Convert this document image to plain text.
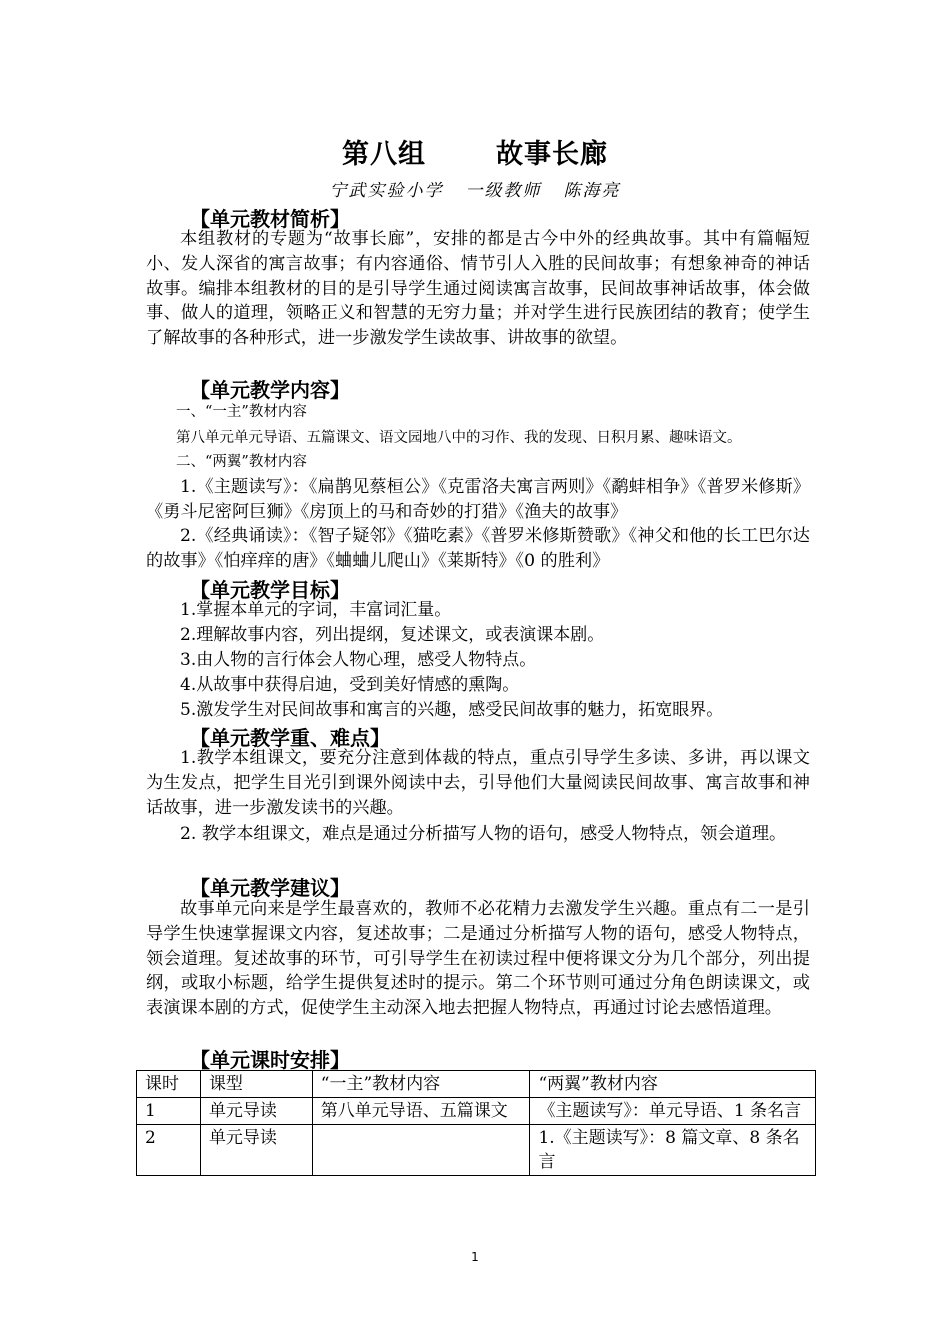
第八组	故事长廊
宁武实验小学 一级教师 陈海亮
【单元教材简析】

本组教材的专题为“故事长廊”，安排的都是古今中外的经典故事。其中有篇幅短小、发人深省的寓言故事；有内容通俗、情节引人入胜的民间故事；有想象神奇的神话故事。编排本组教材的目的是引导学生通过阅读寓言故事，民间故事神话故事，体会做事、做人的道理，领略正义和智慧的无穷力量；并对学生进行民族团结的教育；使学生了解故事的各种形式，进一步激发学生读故事、讲故事的欲望。

【单元教学内容】
一、“一主”教材内容
第八单元单元导语、五篇课文、语文园地八中的习作、我的发现、日积月累、趣味语文。
二、“两翼”教材内容

1.《主题读写》：《扁鹊见蔡桓公》《克雷洛夫寓言两则》《鹬蚌相争》《普罗米修斯》《勇斗尼密阿巨狮》《房顶上的马和奇妙的打猎》《渔夫的故事》

2.《经典诵读》：《智子疑邻》《猫吃素》《普罗米修斯赞歌》《神父和他的长工巴尔达的故事》《怕痒痒的唐》《蛐蛐儿爬山》《莱斯特》《0 的胜利》

【单元教学目标】
1.掌握本单元的字词，丰富词汇量。
2.理解故事内容，列出提纲，复述课文，或表演课本剧。
3.由人物的言行体会人物心理，感受人物特点。
4.从故事中获得启迪，受到美好情感的熏陶。
5.激发学生对民间故事和寓言的兴趣，感受民间故事的魅力，拓宽眼界。
【单元教学重、难点】

1.教学本组课文，要充分注意到体裁的特点，重点引导学生多读、多讲，再以课文为生发点，把学生目光引到课外阅读中去，引导他们大量阅读民间故事、寓言故事和神话故事，进一步激发读书的兴趣。

2. 教学本组课文，难点是通过分析描写人物的语句，感受人物特点，领会道理。

【单元教学建议】

故事单元向来是学生最喜欢的，教师不必花精力去激发学生兴趣。重点有二一是引导学生快速掌握课文内容，复述故事；二是通过分析描写人物的语句，感受人物特点，领会道理。复述故事的环节，可引导学生在初读过程中便将课文分为几个部分，列出提纲，或取小标题，给学生提供复述时的提示。第二个环节则可通过分角色朗读课文，或表演课本剧的方式，促使学生主动深入地去把握人物特点，再通过讨论去感悟道理。

【单元课时安排】
课时	课型	“一主”教材内容	“两翼”教材内容
1	单元导读	第八单元导语、五篇课文	《主题读写》：单元导语、1 条名言
2	单元导读		1.《主题读写》：8 篇文章、8 条名言
1
